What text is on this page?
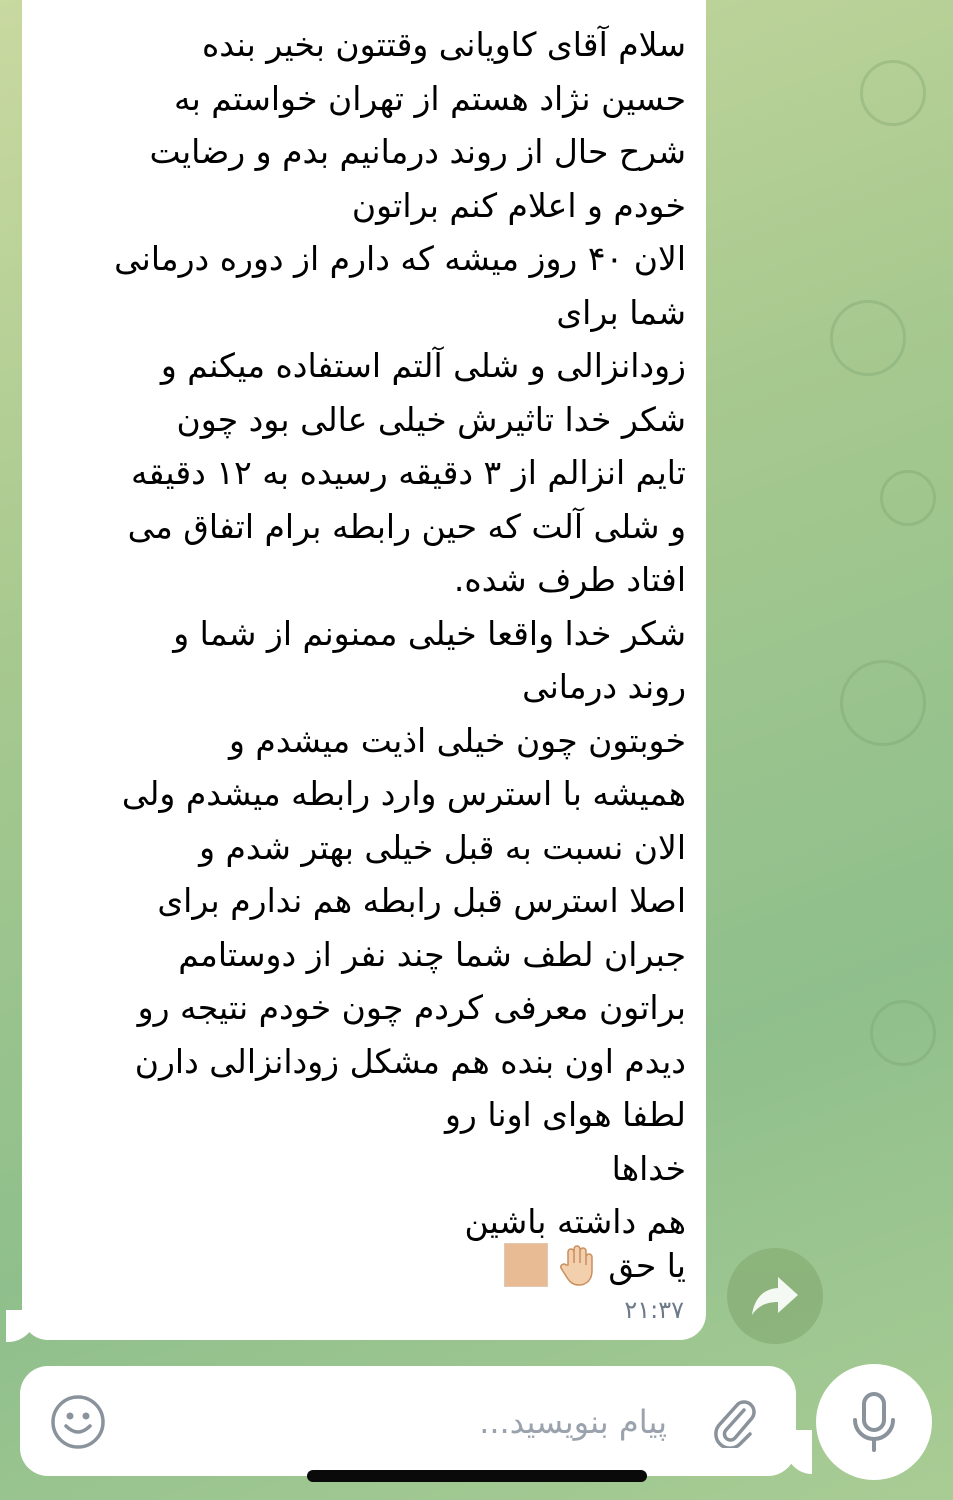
سلام آقای کاویانی وقتتون بخیر بنده
حسین نژاد هستم از تهران خواستم به
شرح حال از روند درمانیم بدم و رضایت
خودم و اعلام کنم براتون
الان ۴۰ روز میشه که دارم از دوره درمانی
شما برای
زودانزالی و شلی آلتم استفاده میکنم و
شکر خدا تاثیرش خیلی عالی بود چون
تایم انزالم از ۳ دقیقه رسیده به ۱۲ دقیقه
و شلی آلت که حین رابطه برام اتفاق می
افتاد طرف شده.
شکر خدا واقعا خیلی ممنونم از شما و
روند درمانی
خوبتون چون خیلی اذیت میشدم و
همیشه با استرس وارد رابطه میشدم ولی
الان نسبت به قبل خیلی بهتر شدم و
اصلا استرس قبل رابطه هم ندارم برای
جبران لطف شما چند نفر از دوستامم
براتون معرفی کردم چون خودم نتیجه رو
دیدم اون بنده هم مشکل زودانزالی دارن
لطفا هوای اونا رو
خداها
هم داشته باشین
یا حق
۲۱:۳۷
پیام بنویسید...
